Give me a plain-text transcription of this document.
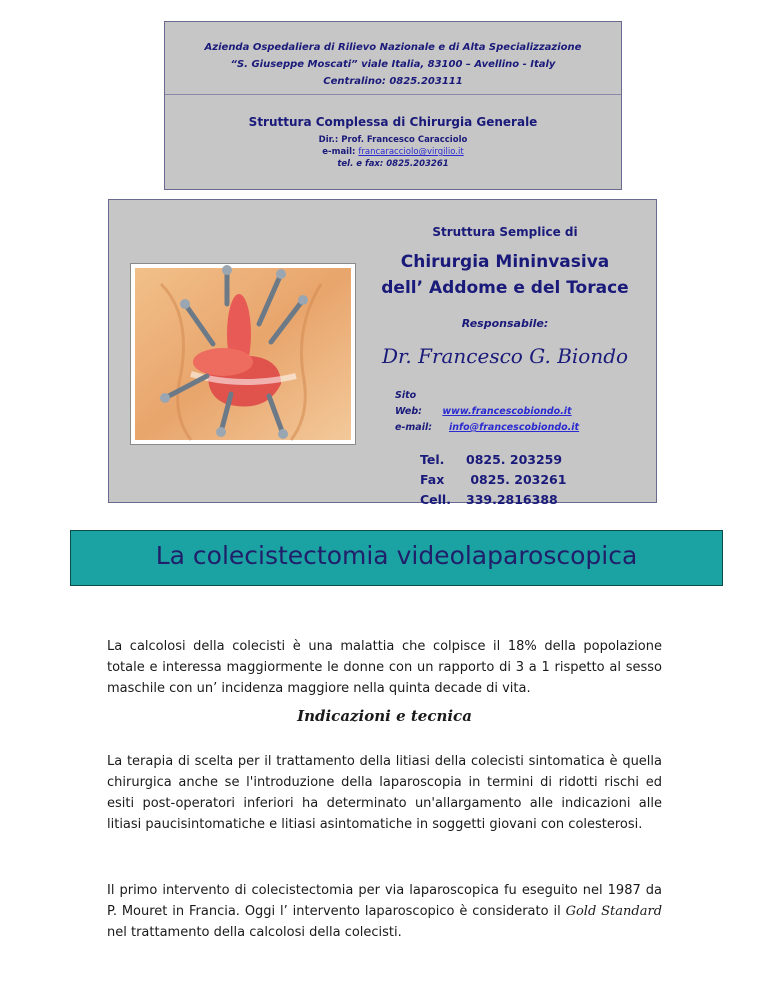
Azienda Ospedaliera di Rilievo Nazionale e di Alta Specializzazione
“S. Giuseppe Moscati” viale Italia, 83100 – Avellino - Italy
Centralino: 0825.203111
Struttura Complessa di Chirurgia Generale
Dir.: Prof. Francesco Caracciolo
e-mail: francaracciolo@virgilio.it
tel. e fax: 0825.203261
Struttura Semplice di
Chirurgia Mininvasiva
dell’ Addome e del Torace
Responsabile:
Dr. Francesco G. Biondo
Sito Web: www.francescobiondo.it
e-mail: info@francescobiondo.it
Tel. 0825. 203259
Fax 0825. 203261
Cell. 339.2816388
La colecistectomia videolaparoscopica

La calcolosi della colecisti è una malattia che colpisce il 18% della popolazione totale e interessa maggiormente le donne con un rapporto di 3 a 1 rispetto al sesso maschile con un’ incidenza maggiore nella quinta decade di vita.

Indicazioni e tecnica

La terapia di scelta per il trattamento della litiasi della colecisti sintomatica è quella chirurgica anche se l'introduzione della laparoscopia in termini di ridotti rischi ed esiti post-operatori inferiori ha determinato un'allargamento alle indicazioni alle litiasi paucisintomatiche e litiasi asintomatiche in soggetti giovani con colesterosi.

Il primo intervento di colecistectomia per via laparoscopica fu eseguito nel 1987 da P. Mouret in Francia. Oggi l’ intervento laparoscopico è considerato il Gold Standard nel trattamento della calcolosi della colecisti.
